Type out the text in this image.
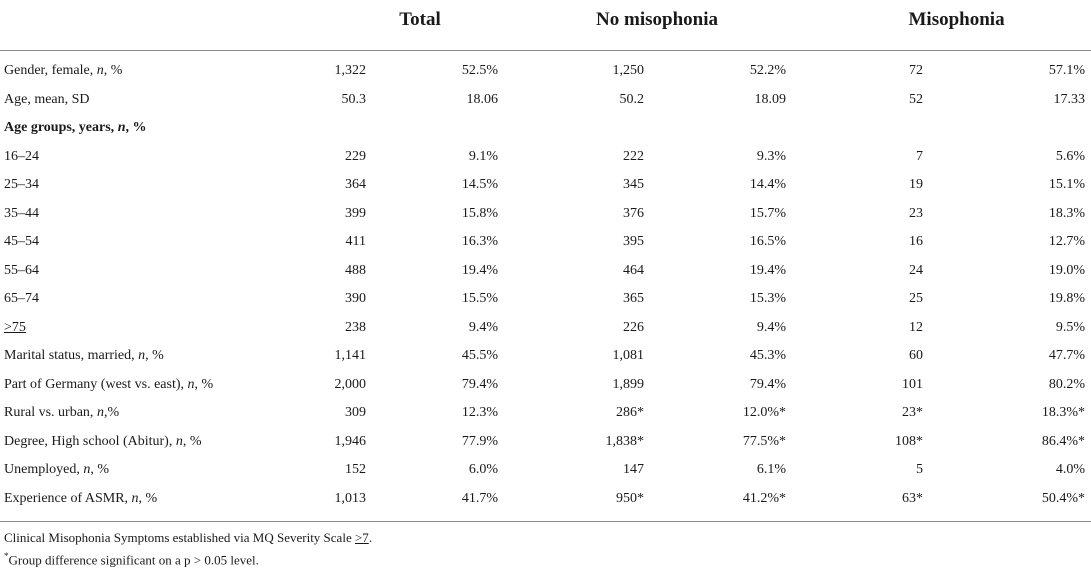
	Total		No misophonia		Misophonia	
Gender, female, n, %	1,322	52.5%	1,250	52.2%	72	57.1%
Age, mean, SD	50.3	18.06	50.2	18.09	52	17.33
Age groups, years, n, %						
16–24	229	9.1%	222	9.3%	7	5.6%
25–34	364	14.5%	345	14.4%	19	15.1%
35–44	399	15.8%	376	15.7%	23	18.3%
45–54	411	16.3%	395	16.5%	16	12.7%
55–64	488	19.4%	464	19.4%	24	19.0%
65–74	390	15.5%	365	15.3%	25	19.8%
>75	238	9.4%	226	9.4%	12	9.5%
Marital status, married, n, %	1,141	45.5%	1,081	45.3%	60	47.7%
Part of Germany (west vs. east), n, %	2,000	79.4%	1,899	79.4%	101	80.2%
Rural vs. urban, n,%	309	12.3%	286*	12.0%*	23*	18.3%*
Degree, High school (Abitur), n, %	1,946	77.9%	1,838*	77.5%*	108*	86.4%*
Unemployed, n, %	152	6.0%	147	6.1%	5	4.0%
Experience of ASMR, n, %	1,013	41.7%	950*	41.2%*	63*	50.4%*
Clinical Misophonia Symptoms established via MQ Severity Scale >7.
*Group difference significant on a p > 0.05 level.
